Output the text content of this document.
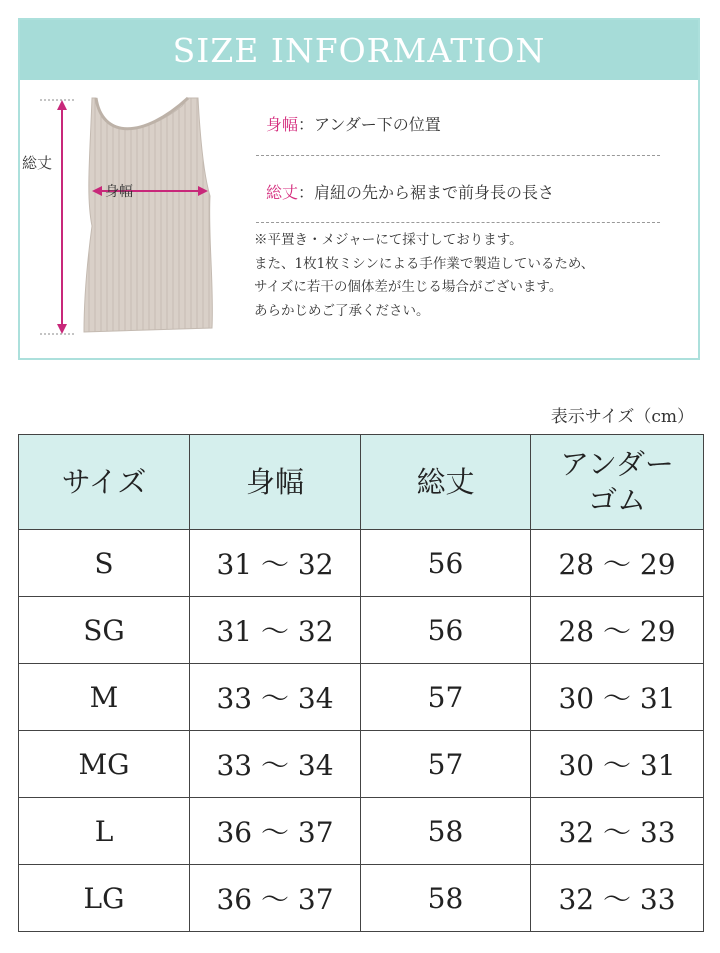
SIZE INFORMATION
総丈
身幅
身幅：アンダー下の位置
総丈：肩紐の先から裾まで前身長の長さ
※平置き・メジャーにて採寸しております。
また、1枚1枚ミシンによる手作業で製造しているため、
サイズに若干の個体差が生じる場合がございます。
あらかじめご了承ください。
表示サイズ（cm）
サイズ	身幅	総丈	アンダー
ゴム
S	31 ～ 32	56	28 ～ 29
SG	31 ～ 32	56	28 ～ 29
M	33 ～ 34	57	30 ～ 31
MG	33 ～ 34	57	30 ～ 31
L	36 ～ 37	58	32 ～ 33
LG	36 ～ 37	58	32 ～ 33
